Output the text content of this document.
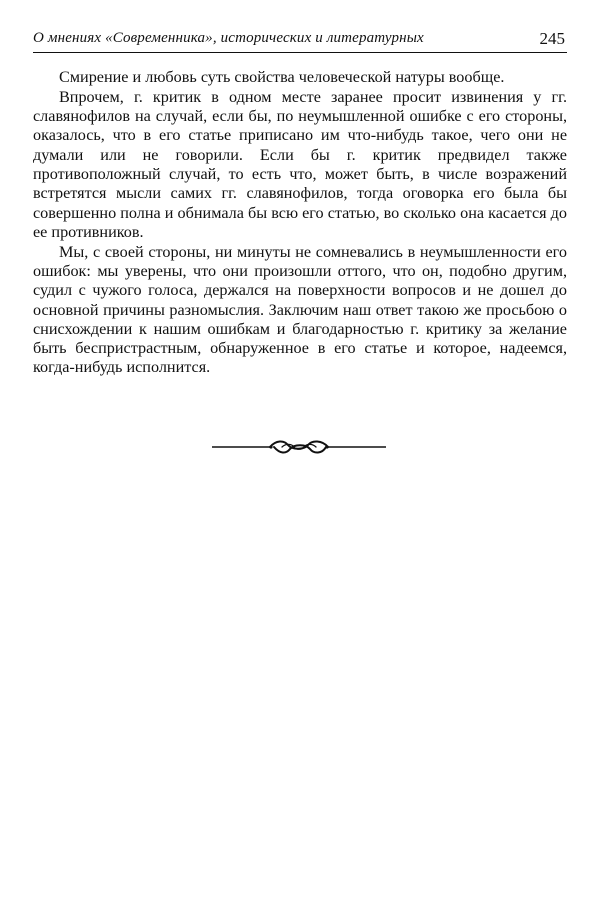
О мнениях «Современника», исторических и литературных	245

Смирение и любовь суть свойства человеческой натуры вообще.

Впрочем, г. критик в одном месте заранее просит извинения у гг. славянофилов на случай, если бы, по неумышленной ошибке с его стороны, оказалось, что в его статье приписано им что-нибудь такое, чего они не думали или не говорили. Если бы г. критик предвидел также противоположный случай, то есть что, может быть, в числе возражений встретятся мысли самих гг. славянофилов, тогда оговорка его была бы совершенно полна и обнимала бы всю его статью, во сколько она касается до ее противников.

Мы, с своей стороны, ни минуты не сомневались в неумышленности его ошибок: мы уверены, что они произошли оттого, что он, подобно другим, судил с чужого голоса, держался на поверхности вопросов и не дошел до основной причины разномыслия. Заключим наш ответ такою же просьбою о снисхождении к нашим ошибкам и благодарностью г. критику за желание быть беспристрастным, обнаруженное в его статье и которое, надеемся, когда-нибудь исполнится.
